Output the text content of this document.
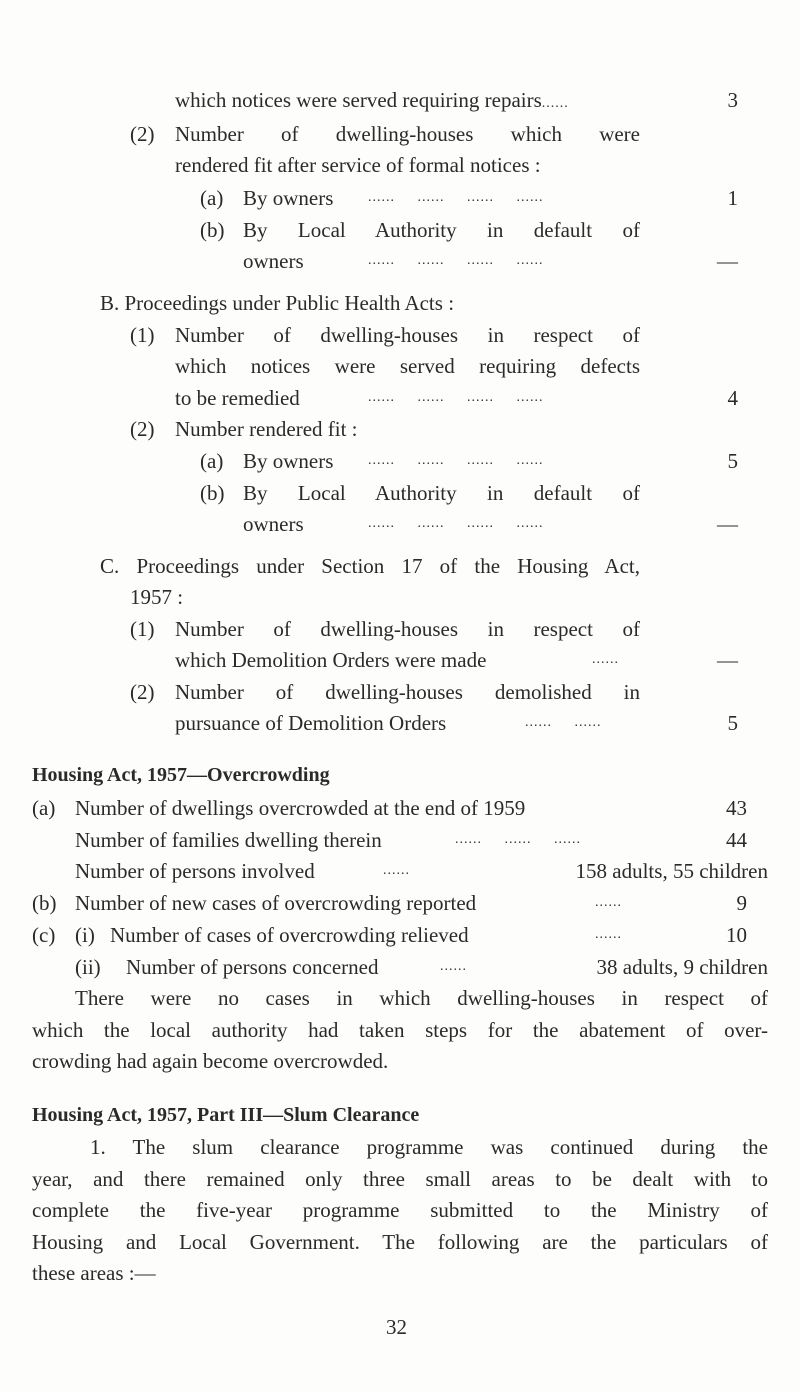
which notices were served requiring repairs......	3
(2) Number of dwelling-houses which were
rendered fit after service of formal notices :
(a) By owners ......     ......     ......     ......	1
(b) By Local Authority in default of
owners	......     ......     ......     ......	—
B. Proceedings under Public Health Acts :
(1) Number of dwelling-houses in respect of
which notices were served requiring defects
to be remedied	......     ......     ......     ......	4
(2) Number rendered fit :
(a) By owners ......     ......     ......     ......	5
(b) By Local Authority in default of
owners	......     ......     ......     ......	—
C. Proceedings under Section 17 of the Housing Act,
1957 :
(1) Number of dwelling-houses in respect of
which Demolition Orders were made	......	—
(2) Number of dwelling-houses demolished in
pursuance of Demolition Orders	......     ......	5
Housing Act, 1957—Overcrowding
(a) Number of dwellings overcrowded at the end of 1959	43
Number of families dwelling therein	......     ......     ......	44
Number of persons involved	......	158 adults, 55 children
(b) Number of new cases of overcrowding reported	......	9
(c) (i) Number of cases of overcrowding relieved	......	10
(ii) Number of persons concerned	......	38 adults, 9 children
There were no cases in which dwelling-houses in respect of
which the local authority had taken steps for the abatement of over-
crowding had again become overcrowded.
Housing Act, 1957, Part III—Slum Clearance
1. The slum clearance programme was continued during the
year, and there remained only three small areas to be dealt with to
complete the five-year programme submitted to the Ministry of
Housing and Local Government. The following are the particulars of
these areas :—
32
